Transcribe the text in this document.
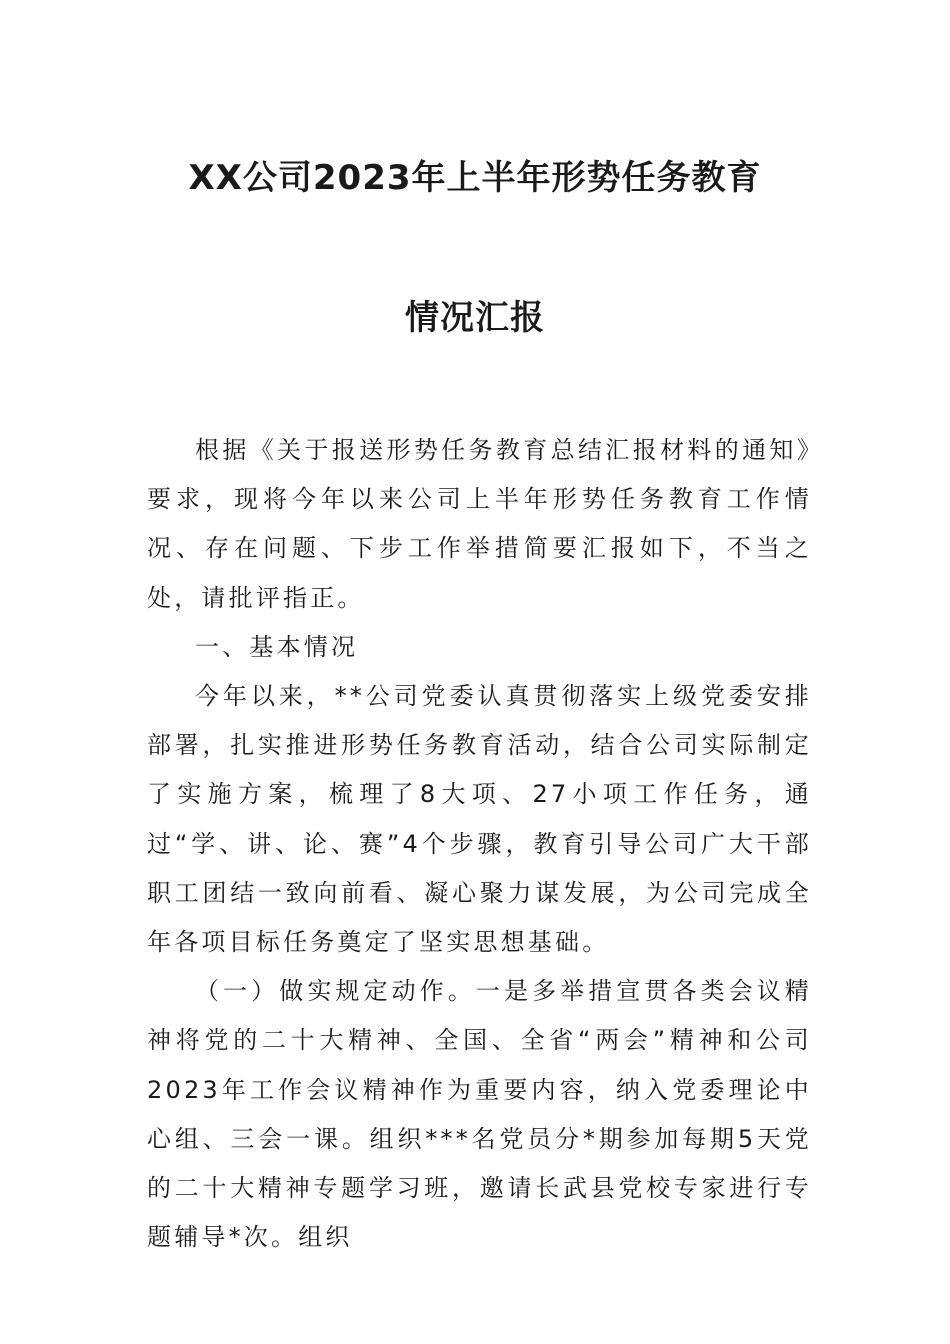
XX公司2023年上半年形势任务教育
情况汇报

根据《关于报送形势任务教育总结汇报材料的通知》要求，现将今年以来公司上半年形势任务教育工作情况、存在问题、下步工作举措简要汇报如下，不当之处，请批评指正。

一、基本情况

今年以来，**公司党委认真贯彻落实上级党委安排部署，扎实推进形势任务教育活动，结合公司实际制定了实施方案，梳理了8大项、27小项工作任务，通过“学、讲、论、赛”4个步骤，教育引导公司广大干部职工团结一致向前看、凝心聚力谋发展，为公司完成全年各项目标任务奠定了坚实思想基础。

（一）做实规定动作。一是多举措宣贯各类会议精神将党的二十大精神、全国、全省“两会”精神和公司2023年工作会议精神作为重要内容，纳入党委理论中心组、三会一课。组织***名党员分*期参加每期5天党的二十大精神专题学习班，邀请长武县党校专家进行专题辅导*次。组织
